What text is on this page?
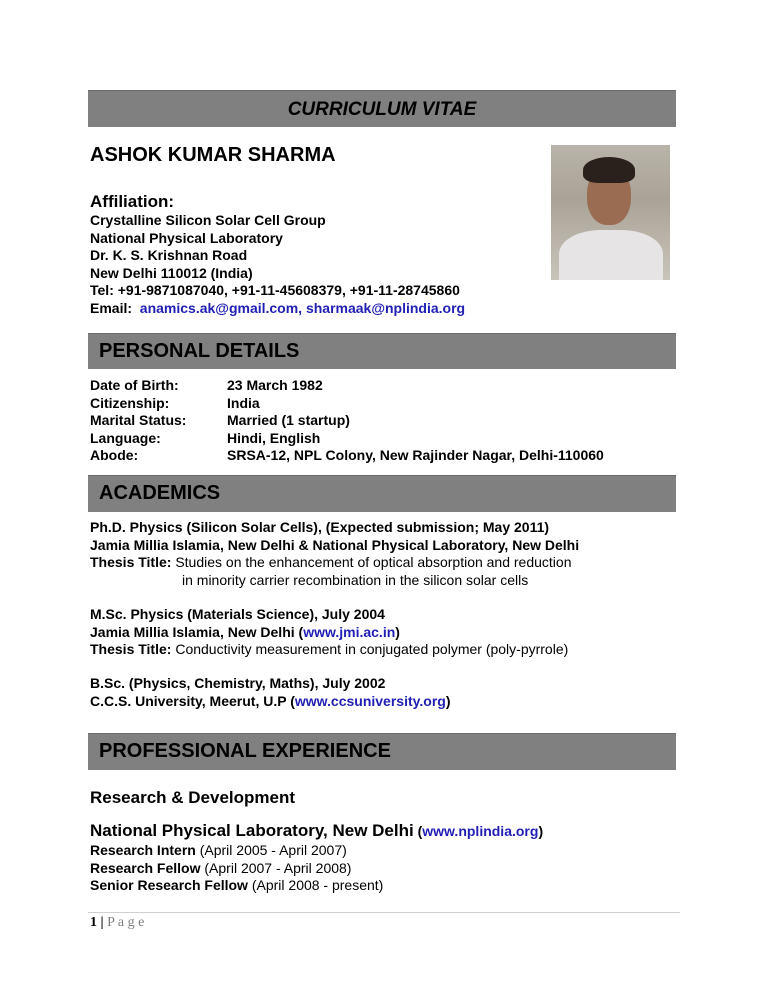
CURRICULUM VITAE
ASHOK KUMAR SHARMA
Affiliation:
Crystalline Silicon Solar Cell Group
National Physical Laboratory
Dr. K. S. Krishnan Road
New Delhi 110012 (India)
Tel: +91-9871087040, +91-11-45608379, +91-11-28745860
Email: anamics.ak@gmail.com, sharmaak@nplindia.org
PERSONAL DETAILS
Date of Birth:	23 March 1982
Citizenship:	India
Marital Status:	Married (1 startup)
Language:	Hindi, English
Abode:	SRSA-12, NPL Colony, New Rajinder Nagar, Delhi-110060
ACADEMICS
Ph.D. Physics (Silicon Solar Cells), (Expected submission; May 2011)
Jamia Millia Islamia, New Delhi & National Physical Laboratory, New Delhi
Thesis Title: Studies on the enhancement of optical absorption and reduction
in minority carrier recombination in the silicon solar cells
M.Sc. Physics (Materials Science), July 2004
Jamia Millia Islamia, New Delhi (www.jmi.ac.in)
Thesis Title: Conductivity measurement in conjugated polymer (poly-pyrrole)
B.Sc. (Physics, Chemistry, Maths), July 2002
C.C.S. University, Meerut, U.P (www.ccsuniversity.org)
PROFESSIONAL EXPERIENCE
Research & Development
National Physical Laboratory, New Delhi (www.nplindia.org)
Research Intern (April 2005 - April 2007)
Research Fellow (April 2007 - April 2008)
Senior Research Fellow (April 2008 - present)
1 | P a g e
